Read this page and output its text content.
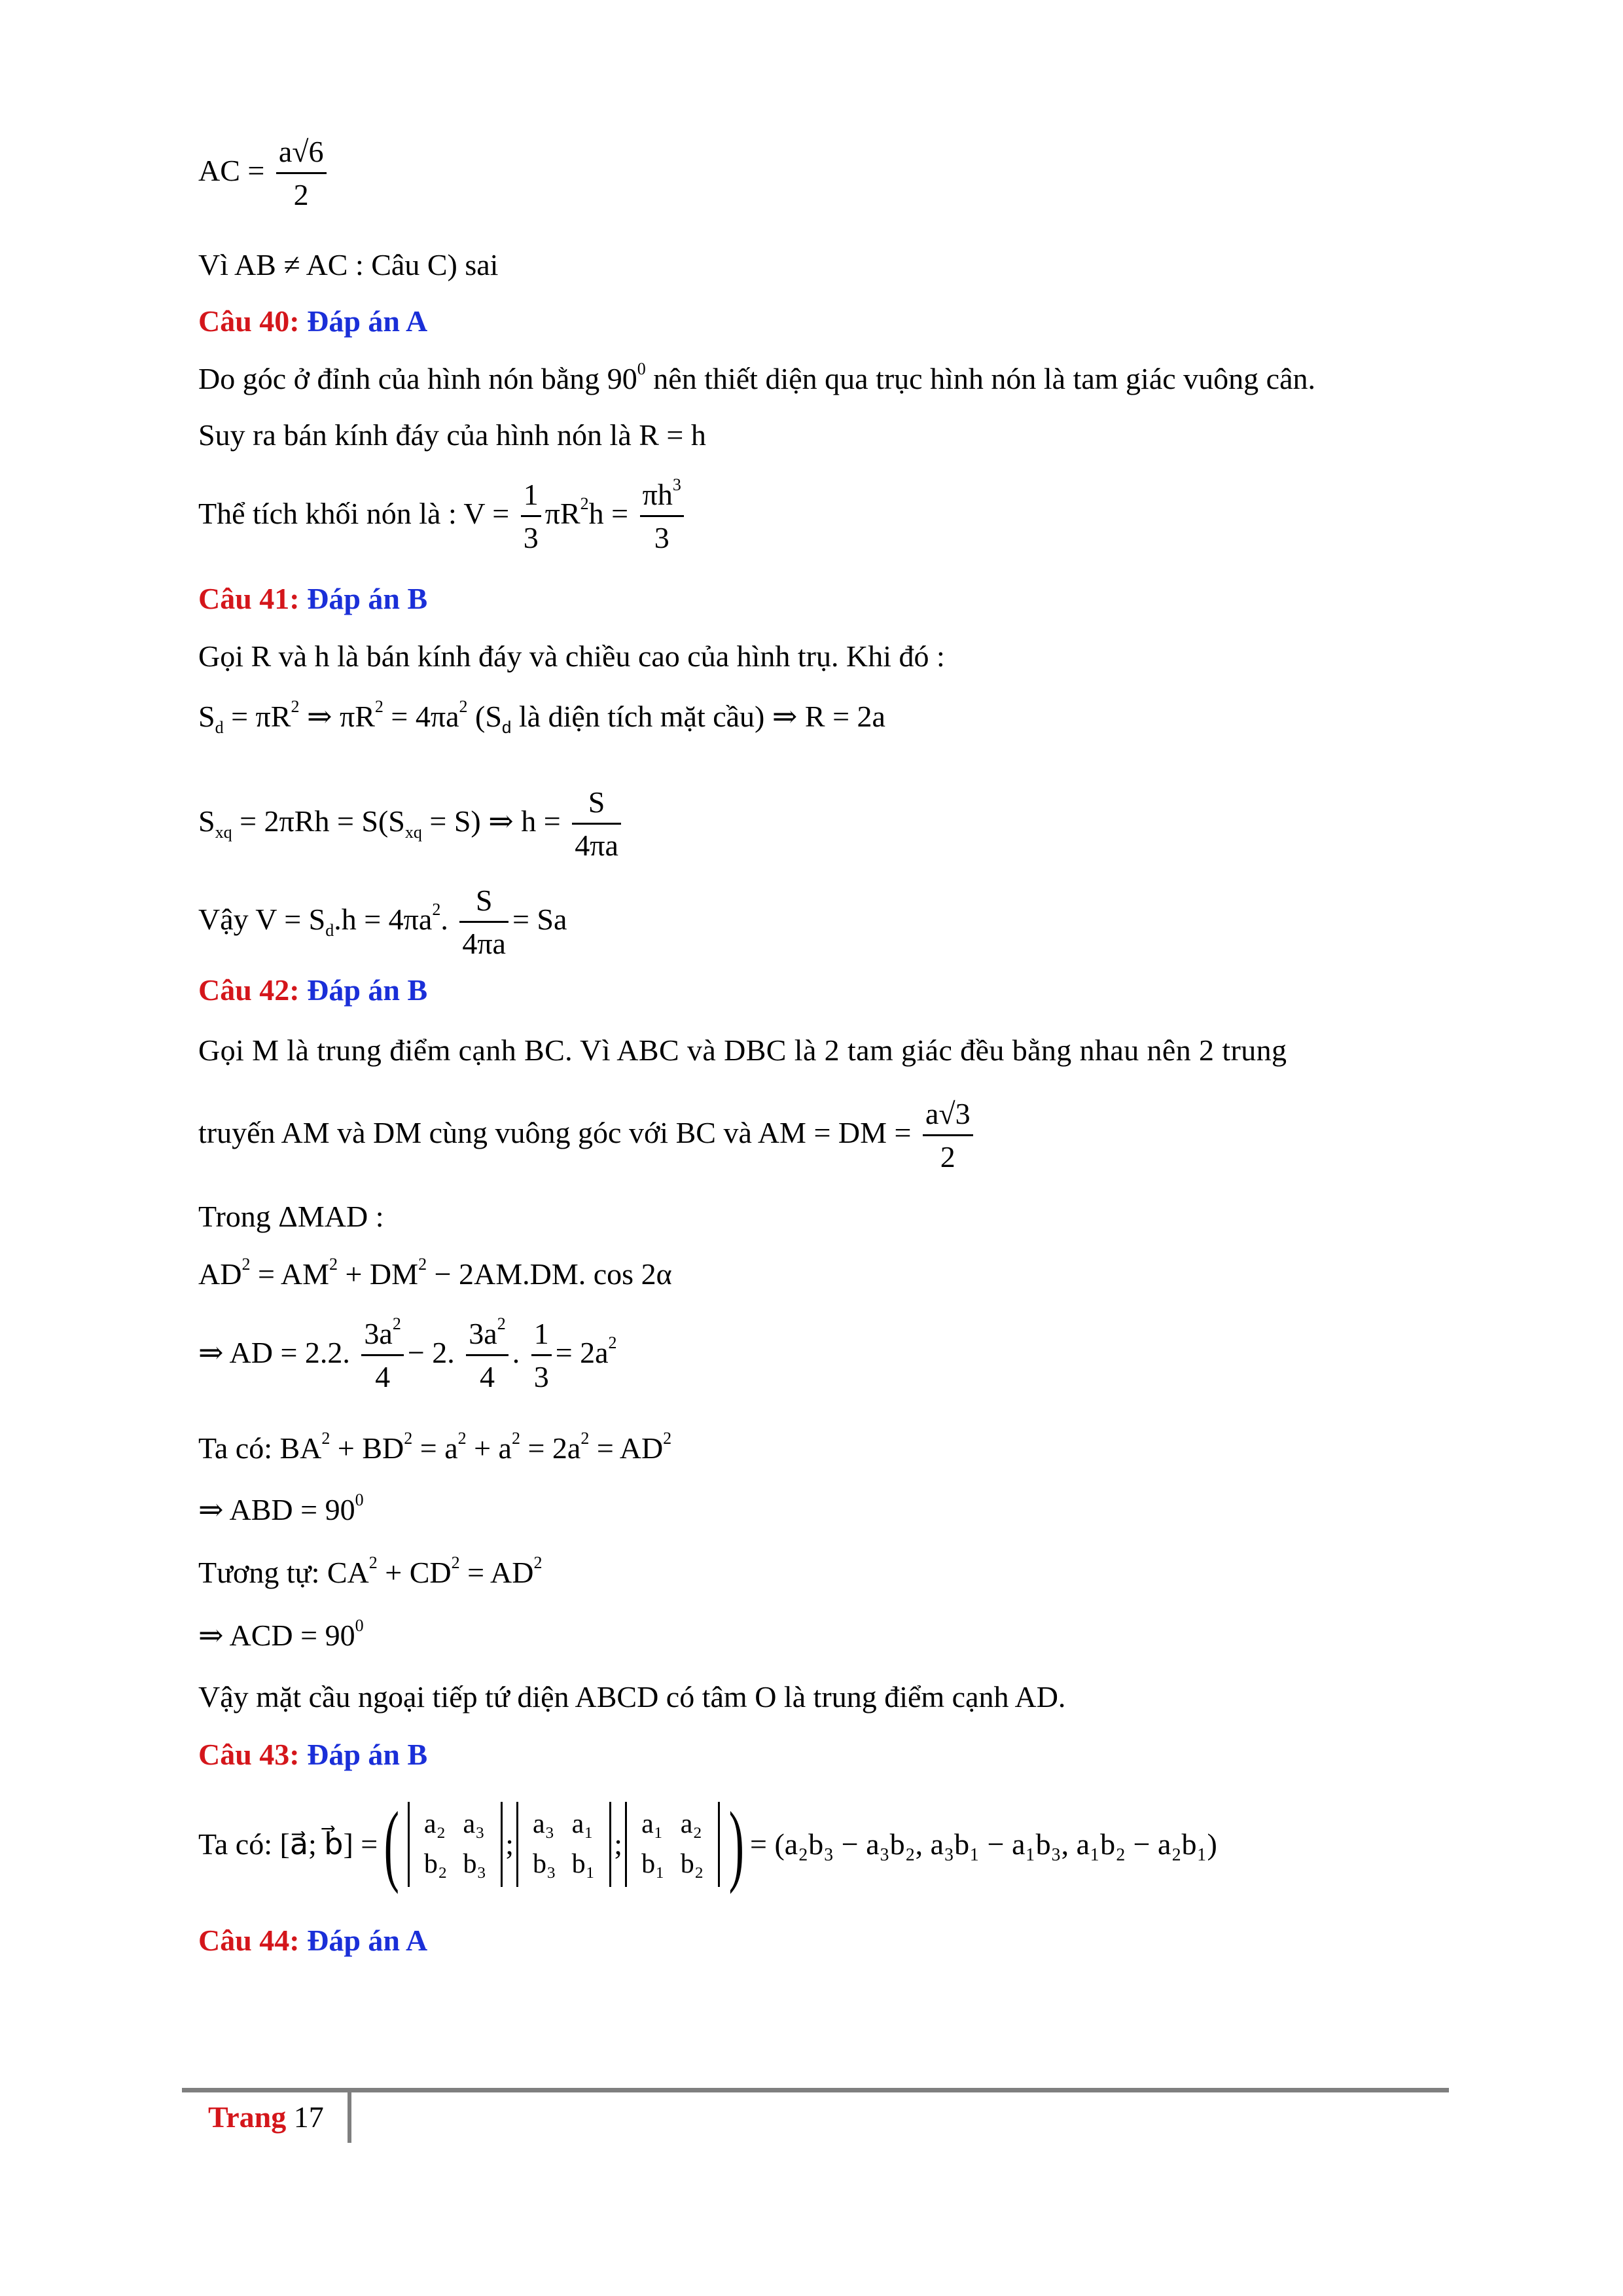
AC = $\frac{a√6}{2}$
Vì AB ≠ AC : Câu C) sai
Câu 40: Đáp án A
Do góc ở đỉnh của hình nón bằng $90^0$ nên thiết diện qua trục hình nón là tam giác vuông cân.
Suy ra bán kính đáy của hình nón là R = h
Thể tích khối nón là : $V = \frac{1}{3} \pi R^2h = \frac{\pi h^3}{3}$
Câu 41: Đáp án B
Gọi R và h là bán kính đáy và chiều cao của hình trụ. Khi đó :
$S_d = \pi R^2$ ⇒ $\pi R^2 = 4\pi a^2$ ($S_d$ là diện tích mặt cầu) ⇒ R = 2a
$S_{xq} = 2\pi Rh = S(S_{xq} = S)$ ⇒ $h = \frac{S}{4\pi a}$
Vậy $V = S_d.h = 4\pi a^2$. $\frac{S}{4\pi a} = Sa$
Câu 42: Đáp án B
Gọi M là trung điểm cạnh BC. Vì ABC và DBC là 2 tam giác đều bằng nhau nên 2 trung
truyến AM và DM cùng vuông góc với BC và AM = DM = $\frac{a√3}{2}$
Trong ΔMAD :
$AD^2 = AM^2 + DM^2 - 2AM.DM$. cos 2α
⇒ AD = 2.2. $\frac{3a^2}{4} - 2$. $\frac{3a^2}{4}$ . $\frac{1}{3} = 2a^2$
Ta có: $BA^2 + BD^2 = a^2 + a^2 = 2a^2 = AD^2$
⇒ ABD = $90^0$
Tương tự: $CA^2 + CD^2 = AD^2$
⇒ ACD = $90^0$
Vậy mặt cầu ngoại tiếp tứ diện ABCD có tâm O là trung điểm cạnh AD.
Câu 43: Đáp án B
Ta có: [a⃗; b⃗] = ( a₂	a₃
b₂	b₃
;
a₃	a₁
b₃	b₁
;
a₁	a₂
b₁	b₂ ) = (a₂b₃ − a₃b₂, a₃b₁ − a₁b₃, a₁b₂ − a₂b₁)
Câu 44: Đáp án A
Trang 17
